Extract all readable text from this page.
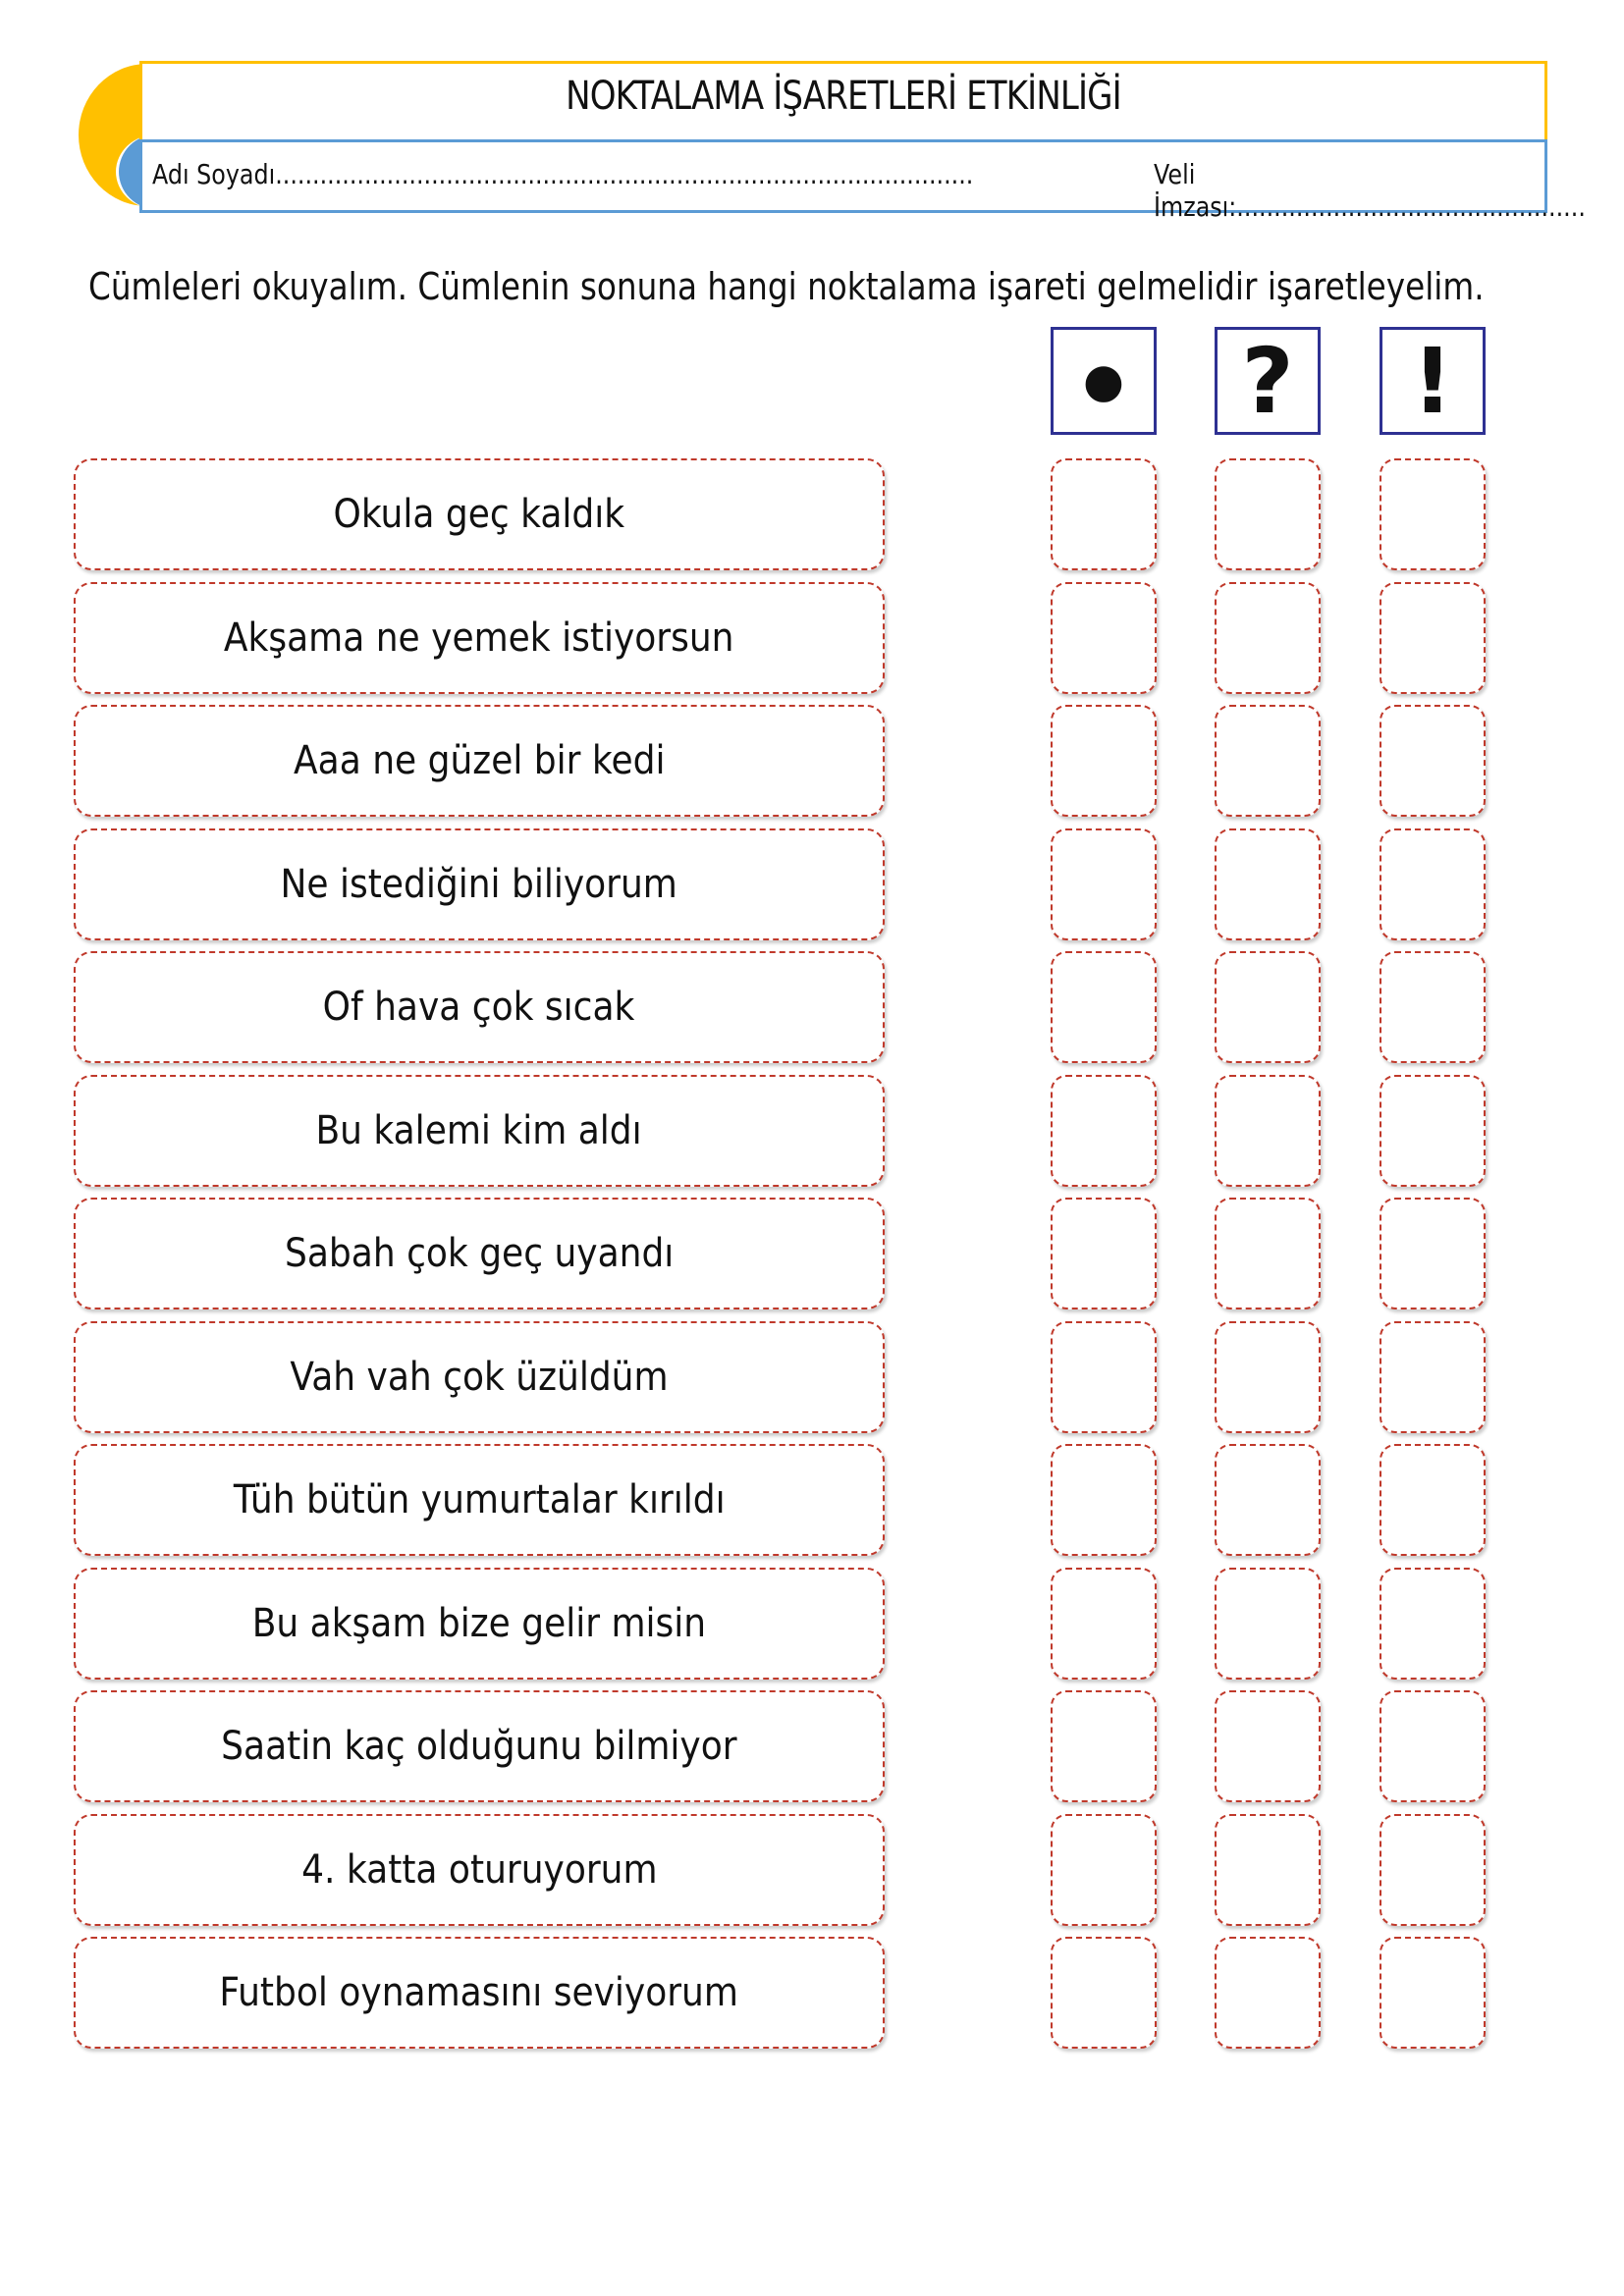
NOKTALAMA İŞARETLERİ ETKİNLİĞİ
Adı Soyadı..............................................................................................	Veli İmzası:...............................................
Cümleleri okuyalım. Cümlenin sonuna hangi noktalama işareti gelmelidir işaretleyelim.
●	?	!
Okula geç kaldık
Akşama ne yemek istiyorsun
Aaa ne güzel bir kedi
Ne istediğini biliyorum
Of hava çok sıcak
Bu kalemi kim aldı
Sabah çok geç uyandı
Vah vah çok üzüldüm
Tüh bütün yumurtalar kırıldı
Bu akşam bize gelir misin
Saatin kaç olduğunu bilmiyor
4. katta oturuyorum
Futbol oynamasını seviyorum
